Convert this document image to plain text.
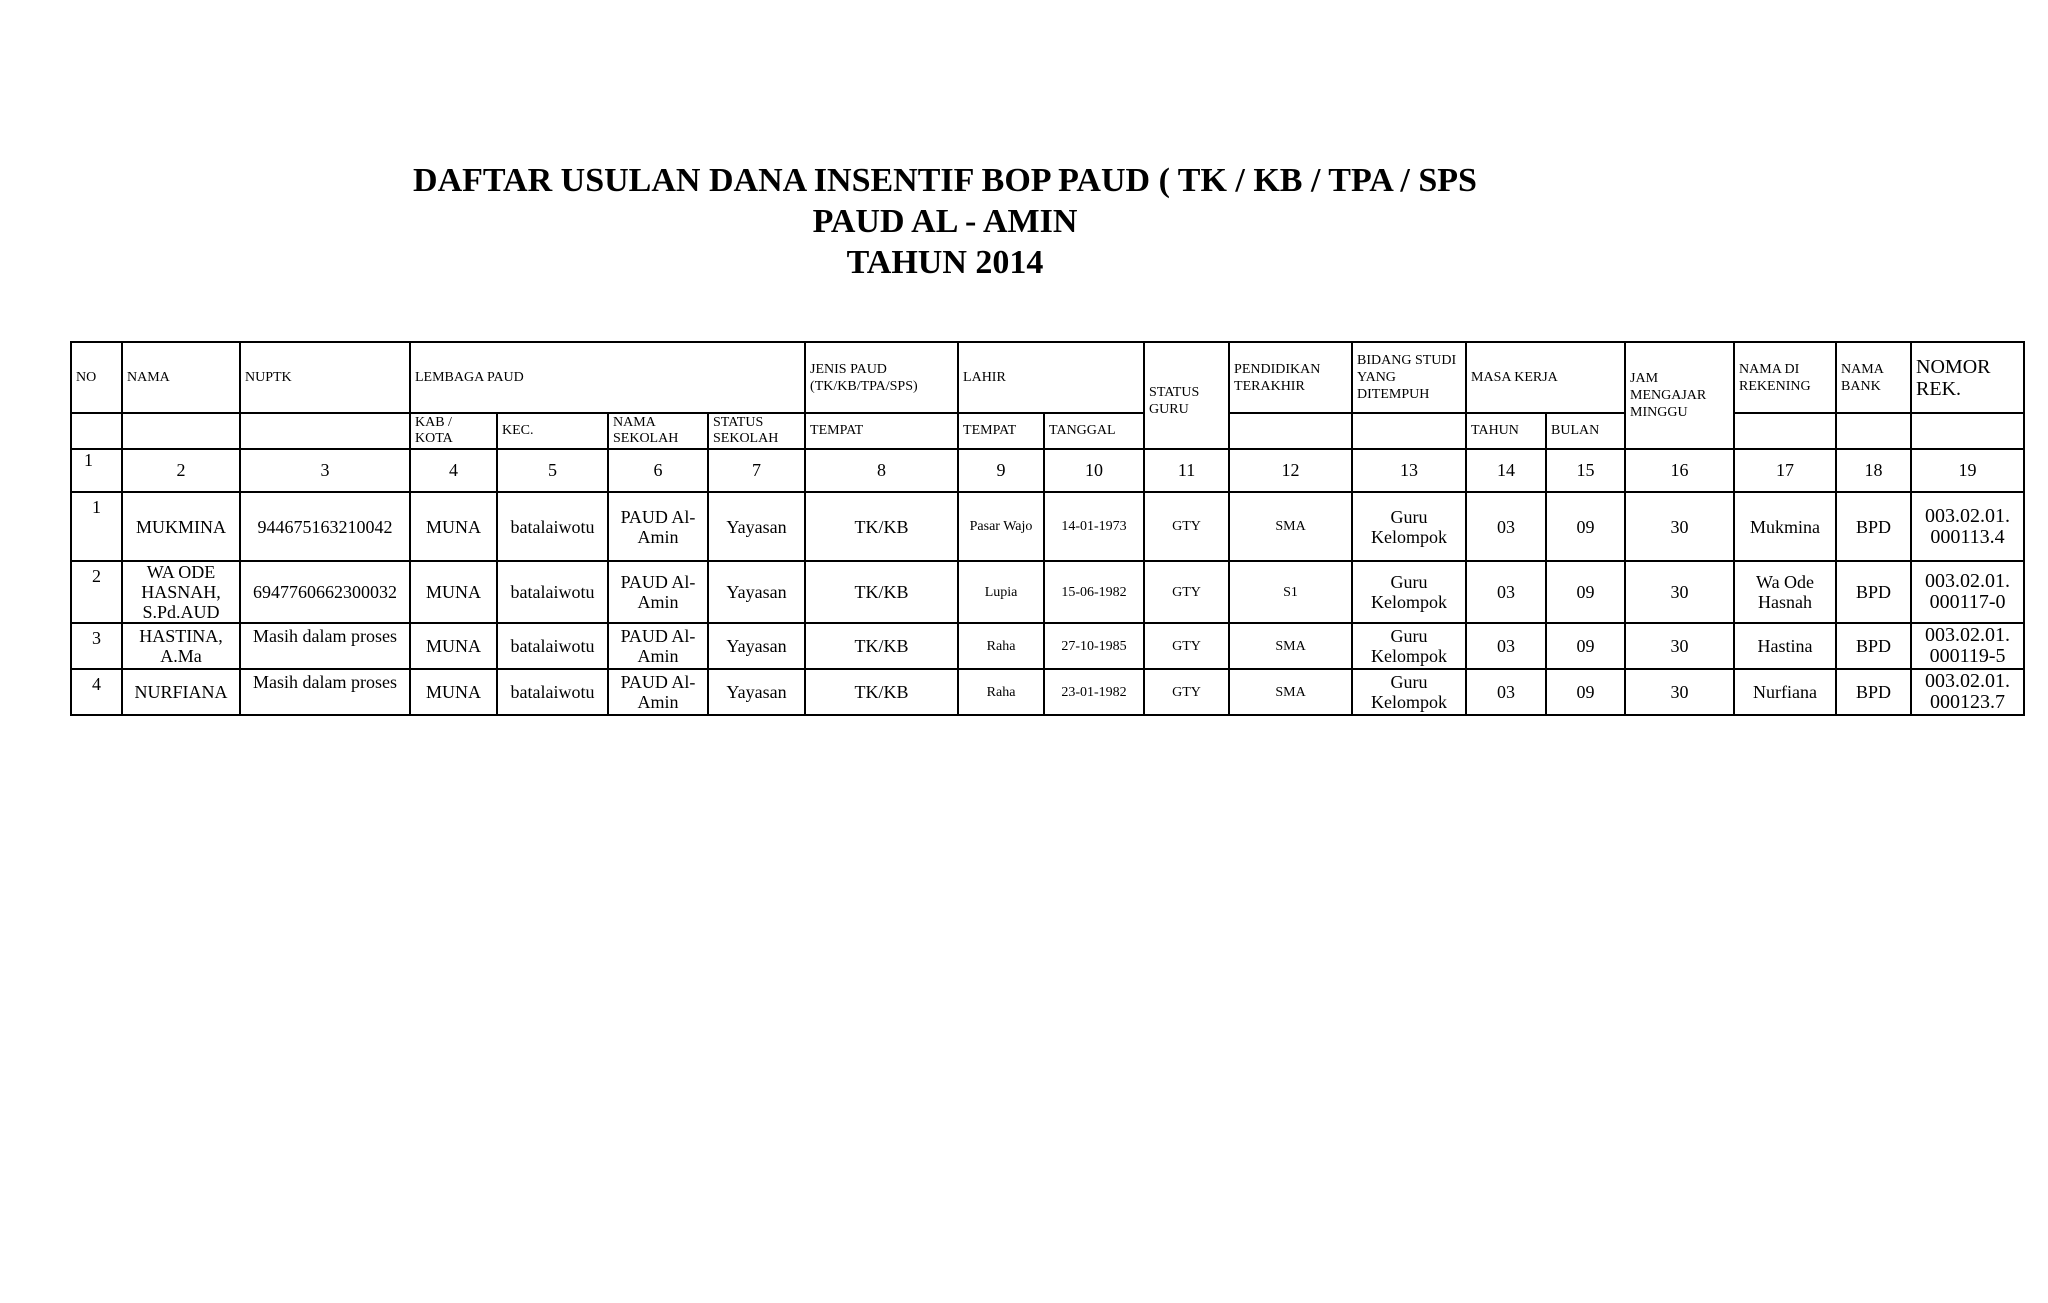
DAFTAR USULAN DANA INSENTIF BOP PAUD ( TK / KB / TPA / SPS

PAUD AL - AMIN

TAHUN 2014

NO	NAMA	NUPTK	LEMBAGA PAUD				JENIS PAUD (TK/KB/TPA/SPS)	LAHIR		STATUS GURU	PENDIDIKAN TERAKHIR	BIDANG STUDI YANG DITEMPUH	MASA KERJA		JAM MENGAJAR MINGGU	NAMA DI REKENING	NAMA BANK	NOMOR REK.
			KAB / KOTA	KEC.	NAMA SEKOLAH	STATUS SEKOLAH	TEMPAT	TEMPAT	TANGGAL				TAHUN	BULAN				
1	2	3	4	5	6	7	8	9	10	11	12	13	14	15	16	17	18	19
1	MUKMINA	944675163210042	MUNA	batalaiwotu	PAUD Al-Amin	Yayasan	TK/KB	Pasar Wajo	14-01-1973	GTY	SMA	Guru Kelompok	03	09	30	Mukmina	BPD	003.02.01. 000113.4
2	WA ODE HASNAH, S.Pd.AUD	6947760662300032	MUNA	batalaiwotu	PAUD Al-Amin	Yayasan	TK/KB	Lupia	15-06-1982	GTY	S1	Guru Kelompok	03	09	30	Wa Ode Hasnah	BPD	003.02.01. 000117-0
3	HASTINA, A.Ma	Masih dalam proses	MUNA	batalaiwotu	PAUD Al-Amin	Yayasan	TK/KB	Raha	27-10-1985	GTY	SMA	Guru Kelompok	03	09	30	Hastina	BPD	003.02.01. 000119-5
4	NURFIANA	Masih dalam proses	MUNA	batalaiwotu	PAUD Al-Amin	Yayasan	TK/KB	Raha	23-01-1982	GTY	SMA	Guru Kelompok	03	09	30	Nurfiana	BPD	003.02.01. 000123.7
